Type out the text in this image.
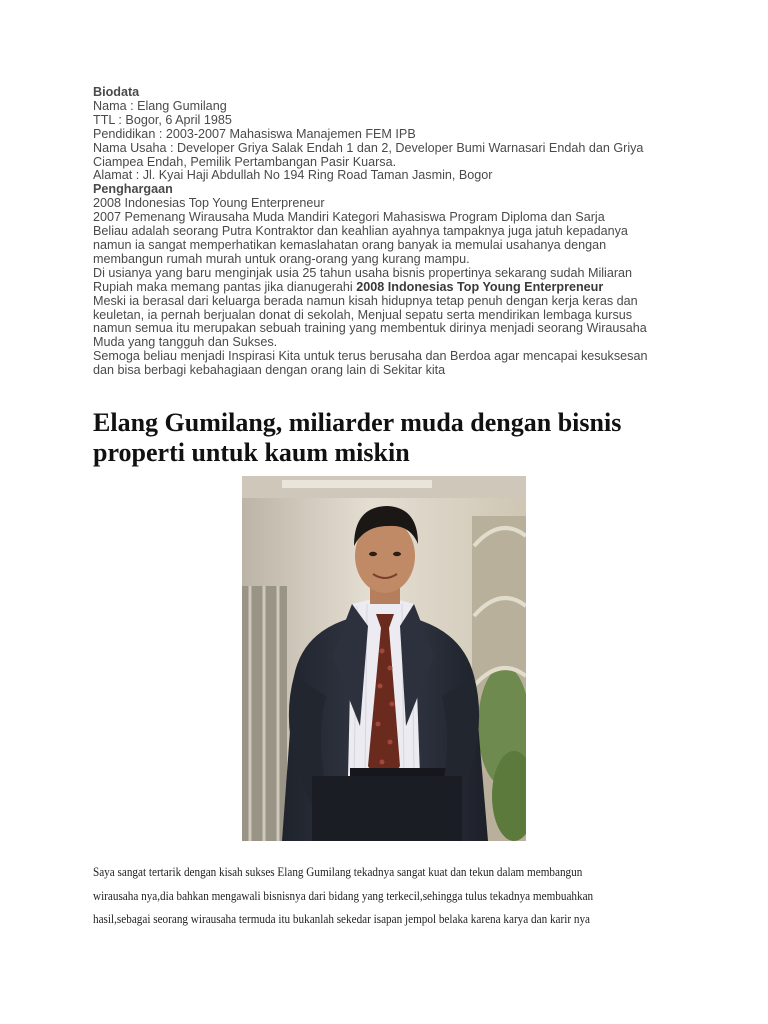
Biodata
Nama : Elang Gumilang
TTL : Bogor, 6 April 1985
Pendidikan : 2003-2007 Mahasiswa Manajemen FEM IPB
Nama Usaha : Developer Griya Salak Endah 1 dan 2, Developer Bumi Warnasari Endah dan Griya
Ciampea Endah, Pemilik Pertambangan Pasir Kuarsa.
Alamat : Jl. Kyai Haji Abdullah No 194 Ring Road Taman Jasmin, Bogor
Penghargaan
2008 Indonesias Top Young Enterpreneur
2007 Pemenang Wirausaha Muda Mandiri Kategori Mahasiswa Program Diploma dan Sarja
Beliau adalah seorang Putra Kontraktor dan keahlian ayahnya tampaknya juga jatuh kepadanya
namun ia sangat memperhatikan kemaslahatan orang banyak ia memulai usahanya dengan
membangun rumah murah untuk orang-orang yang kurang mampu.
Di usianya yang baru menginjak usia 25 tahun usaha bisnis propertinya sekarang sudah Miliaran
Rupiah maka memang pantas jika dianugerahi 2008 Indonesias Top Young Enterpreneur
Meski ia berasal dari keluarga berada namun kisah hidupnya tetap penuh dengan kerja keras dan
keuletan, ia pernah berjualan donat di sekolah, Menjual sepatu serta mendirikan lembaga kursus
namun semua itu merupakan sebuah training yang membentuk dirinya menjadi seorang Wirausaha
Muda yang tangguh dan Sukses.
Semoga beliau menjadi Inspirasi Kita untuk terus berusaha dan Berdoa agar mencapai kesuksesan
dan bisa berbagi kebahagiaan dengan orang lain di Sekitar kita
Elang Gumilang, miliarder muda dengan bisnis
properti untuk kaum miskin
Saya sangat tertarik dengan kisah sukses Elang Gumilang tekadnya sangat kuat dan tekun dalam membangun
wirausaha nya,dia bahkan mengawali bisnisnya dari bidang yang terkecil,sehingga tulus tekadnya membuahkan
hasil,sebagai seorang wirausaha termuda itu bukanlah sekedar isapan jempol belaka karena karya dan karir nya
